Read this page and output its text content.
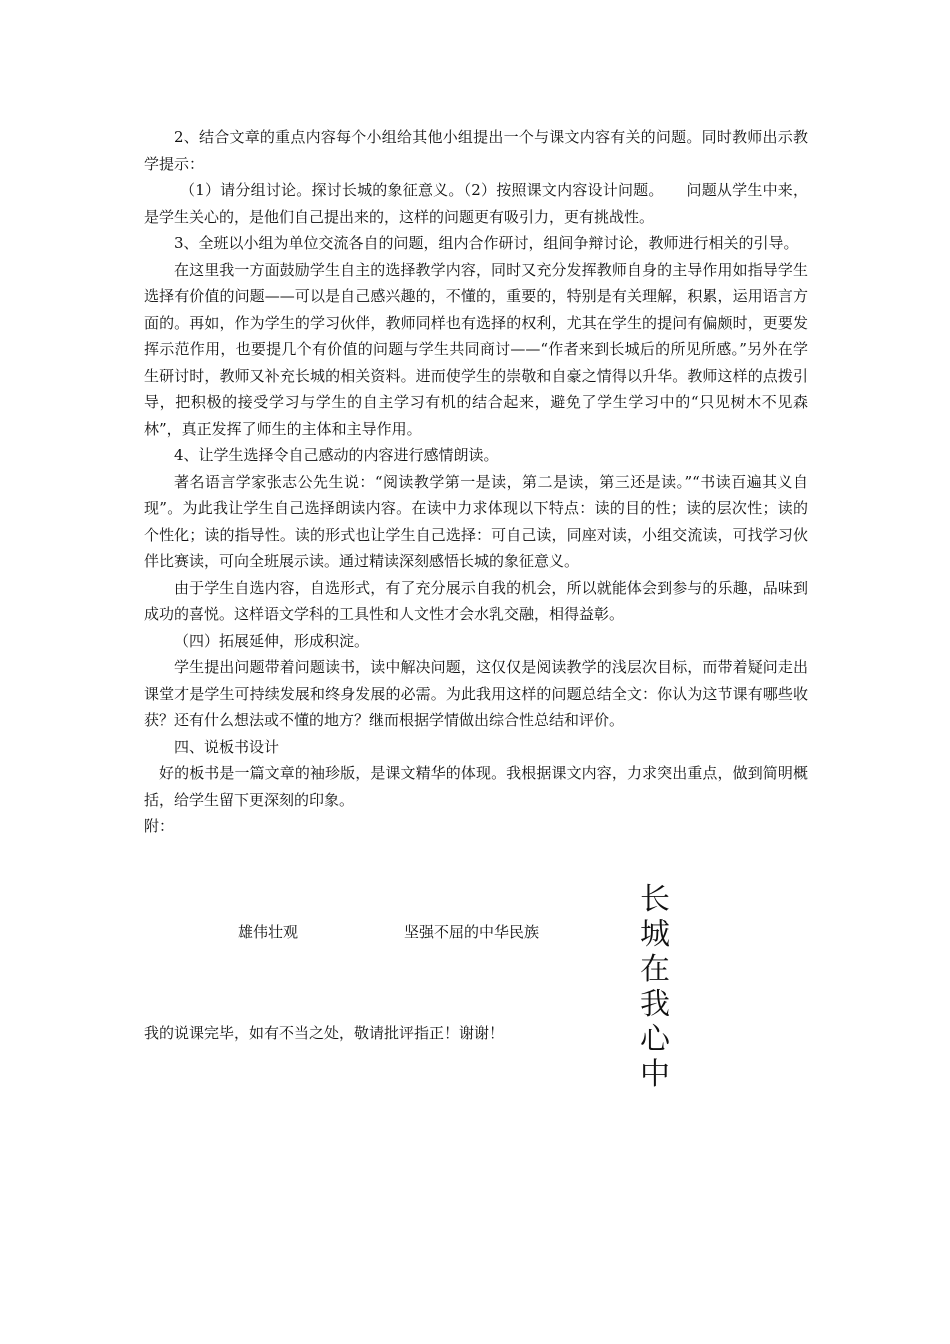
2、结合文章的重点内容每个小组给其他小组提出一个与课文内容有关的问题。同时教师出示教学提示：

（1）请分组讨论。探讨长城的象征意义。（2）按照课文内容设计问题。　　问题从学生中来，是学生关心的，是他们自己提出来的，这样的问题更有吸引力，更有挑战性。

3、全班以小组为单位交流各自的问题，组内合作研讨，组间争辩讨论，教师进行相关的引导。

在这里我一方面鼓励学生自主的选择教学内容，同时又充分发挥教师自身的主导作用如指导学生选择有价值的问题——可以是自己感兴趣的，不懂的，重要的，特别是有关理解，积累，运用语言方面的。再如，作为学生的学习伙伴，教师同样也有选择的权利，尤其在学生的提问有偏颇时，更要发挥示范作用，也要提几个有价值的问题与学生共同商讨——“作者来到长城后的所见所感。”另外在学生研讨时，教师又补充长城的相关资料。进而使学生的崇敬和自豪之情得以升华。教师这样的点拨引导，把积极的接受学习与学生的自主学习有机的结合起来，避免了学生学习中的“只见树木不见森林”，真正发挥了师生的主体和主导作用。

4、让学生选择令自己感动的内容进行感情朗读。

著名语言学家张志公先生说：“阅读教学第一是读，第二是读，第三还是读。”“书读百遍其义自现”。为此我让学生自己选择朗读内容。在读中力求体现以下特点：读的目的性；读的层次性；读的个性化；读的指导性。读的形式也让学生自己选择：可自己读，同座对读，小组交流读，可找学习伙伴比赛读，可向全班展示读。通过精读深刻感悟长城的象征意义。

由于学生自选内容，自选形式，有了充分展示自我的机会，所以就能体会到参与的乐趣，品味到成功的喜悦。这样语文学科的工具性和人文性才会水乳交融，相得益彰。

（四）拓展延伸，形成积淀。

学生提出问题带着问题读书，读中解决问题，这仅仅是阅读教学的浅层次目标，而带着疑问走出课堂才是学生可持续发展和终身发展的必需。为此我用这样的问题总结全文：你认为这节课有哪些收获？还有什么想法或不懂的地方？继而根据学情做出综合性总结和评价。

四、说板书设计

好的板书是一篇文章的袖珍版，是课文精华的体现。我根据课文内容，力求突出重点，做到简明概括，给学生留下更深刻的印象。

附：

雄伟壮观	坚强不屈的中华民族
长城在我心中
我的说课完毕，如有不当之处，敬请批评指正！谢谢！
